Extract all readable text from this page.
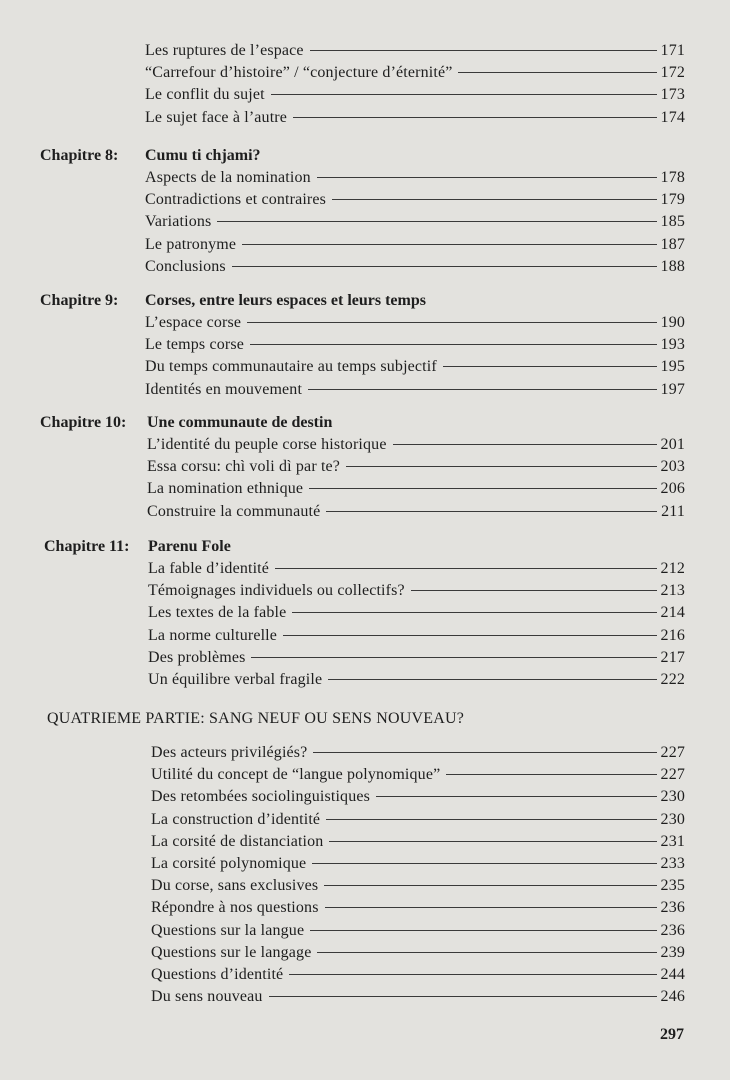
Les ruptures de l’espace	171
“Carrefour d’histoire” / “conjecture d’éternité”	172
Le conflit du sujet	173
Le sujet face à l’autre	174
Chapitre 8: Cumu ti chjami?
Aspects de la nomination	178
Contradictions et contraires	179
Variations	185
Le patronyme	187
Conclusions	188
Chapitre 9: Corses, entre leurs espaces et leurs temps
L’espace corse	190
Le temps corse	193
Du temps communautaire au temps subjectif	195
Identités en mouvement	197
Chapitre 10: Une communaute de destin
L’identité du peuple corse historique	201
Essa corsu: chì voli dì par te?	203
La nomination ethnique	206
Construire la communauté	211
Chapitre 11: Parenu Fole
La fable d’identité	212
Témoignages individuels ou collectifs?	213
Les textes de la fable	214
La norme culturelle	216
Des problèmes	217
Un équilibre verbal fragile	222
QUATRIEME PARTIE: SANG NEUF OU SENS NOUVEAU?
Des acteurs privilégiés?	227
Utilité du concept de “langue polynomique”	227
Des retombées sociolinguistiques	230
La construction d’identité	230
La corsité de distanciation	231
La corsité polynomique	233
Du corse, sans exclusives	235
Répondre à nos questions	236
Questions sur la langue	236
Questions sur le langage	239
Questions d’identité	244
Du sens nouveau	246
297
